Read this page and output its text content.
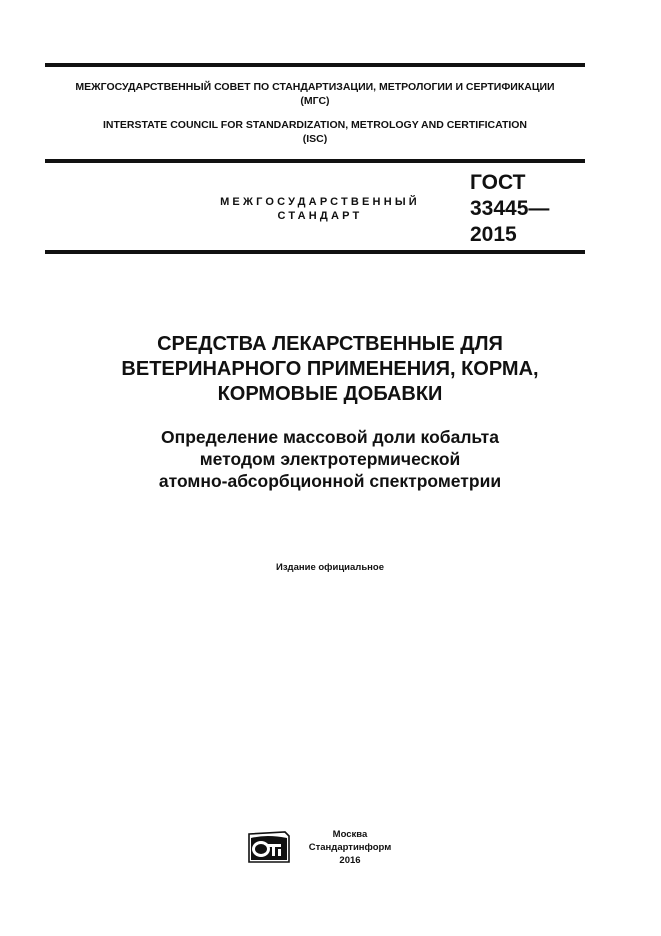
МЕЖГОСУДАРСТВЕННЫЙ СОВЕТ ПО СТАНДАРТИЗАЦИИ, МЕТРОЛОГИИ И СЕРТИФИКАЦИИ
(МГС)
INTERSTATE COUNCIL FOR STANDARDIZATION, METROLOGY AND CERTIFICATION
(ISC)
МЕЖГОСУДАРСТВЕННЫЙ
СТАНДАРТ
ГОСТ
33445—
2015
СРЕДСТВА ЛЕКАРСТВЕННЫЕ ДЛЯ
ВЕТЕРИНАРНОГО ПРИМЕНЕНИЯ, КОРМА,
КОРМОВЫЕ ДОБАВКИ
Определение массовой доли кобальта
методом электротермической
атомно-абсорбционной спектрометрии
Издание официальное
Москва
Стандартинформ
2016
